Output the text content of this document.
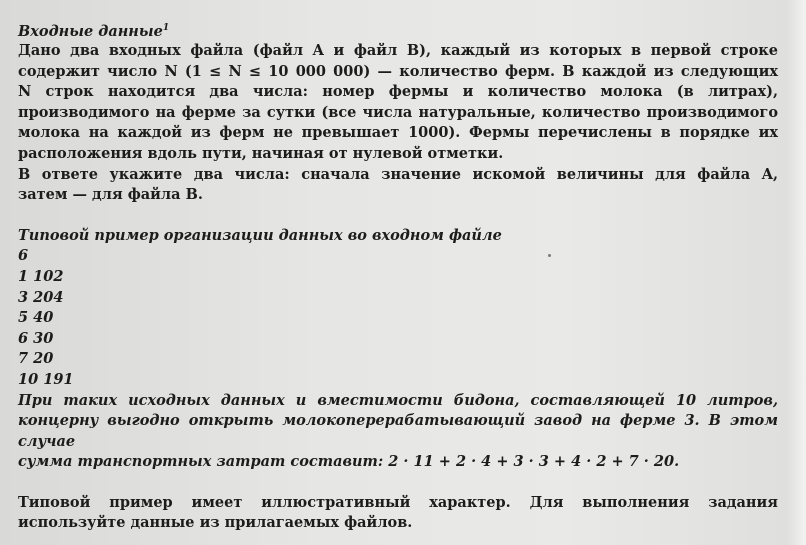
Входные данные$^1$

Дано два входных файла (файл A и файл B), каждый из которых в первой строке

содержит число N (1 ≤ N ≤ 10 000 000) — количество ферм. В каждой из следующих

N строк находится два числа: номер фермы и количество молока (в литрах),

производимого на ферме за сутки (все числа натуральные, количество производимого

молока на каждой из ферм не превышает 1000). Фермы перечислены в порядке их

расположения вдоль пути, начиная от нулевой отметки.

В ответе укажите два числа: сначала значение искомой величины для файла A,

затем — для файла B.

Типовой пример организации данных во входном файле

6

1 102

3 204

5 40

6 30

7 20

10 191

При таких исходных данных и вместимости бидона, составляющей 10 литров,

концерну выгодно открыть молокоперерабатывающий завод на ферме 3. В этом случае

сумма транспортных затрат составит: 2 · 11 + 2 · 4 + 3 · 3 + 4 · 2 + 7 · 20.

Типовой пример имеет иллюстративный характер. Для выполнения задания

используйте данные из прилагаемых файлов.
